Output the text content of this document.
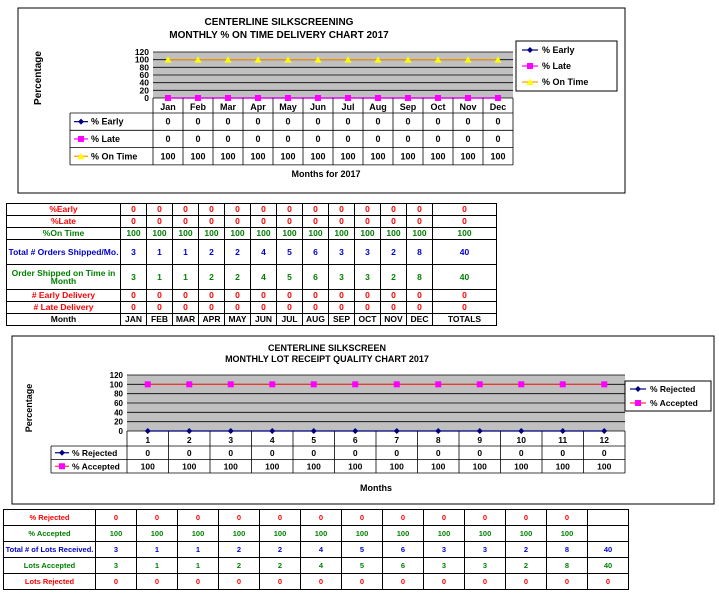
CENTERLINE SILKSCREENING
MONTHLY % ON TIME DELIVERY CHART 2017
Percentage	120
100
80
60
40
20
0
Jan Feb Mar Apr May Jun Jul Aug Sep Oct Nov Dec
% Early	0	0	0	0	0	0	0	0	0	0	0	0
% Late	0	0	0	0	0	0	0	0	0	0	0	0
% On Time	100 100 100 100 100 100 100 100 100 100 100 100
Months for 2017
% Early
% Late
% On Time
%Early	0	0	0	0	0	0	0	0	0	0	0	0	0
%Late	0	0	0	0	0	0	0	0	0	0	0	0	0
%On Time	100	100	100	100	100	100	100	100	100	100	100	100	100
Total # Orders Shipped/Mo.	3	1	1	2	2	4	5	6	3	3	2	8	40
Order Shipped on Time in Month	3	1	1	2	2	4	5	6	3	3	2	8	40
# Early Delivery	0	0	0	0	0	0	0	0	0	0	0	0	0
# Late Delivery	0	0	0	0	0	0	0	0	0	0	0	0	0
Month	JAN	FEB	MAR	APR	MAY	JUN	JUL	AUG	SEP	OCT	NOV	DEC	TOTALS
CENTERLINE SILKSCREEN
MONTHLY LOT RECEIPT QUALITY CHART 2017
Percentage
120
100
80
60
40
20
0
1	2	3	4	5	6	7	8	9	10	11	12
% Rejected	0	0	0	0	0	0	0	0	0	0	0	0
% Accepted 100	100	100	100	100	100	100	100	100	100	100	100
Months
% Rejected
% Accepted
% Rejected	0	0	0	0	0	0	0	0	0	0	0	0	
% Accepted	100	100	100	100	100	100	100	100	100	100	100	100	
Total # of Lots Received.	3	1	1	2	2	4	5	6	3	3	2	8	40
Lots Accepted	3	1	1	2	2	4	5	6	3	3	2	8	40
Lots Rejected	0	0	0	0	0	0	0	0	0	0	0	0	0
